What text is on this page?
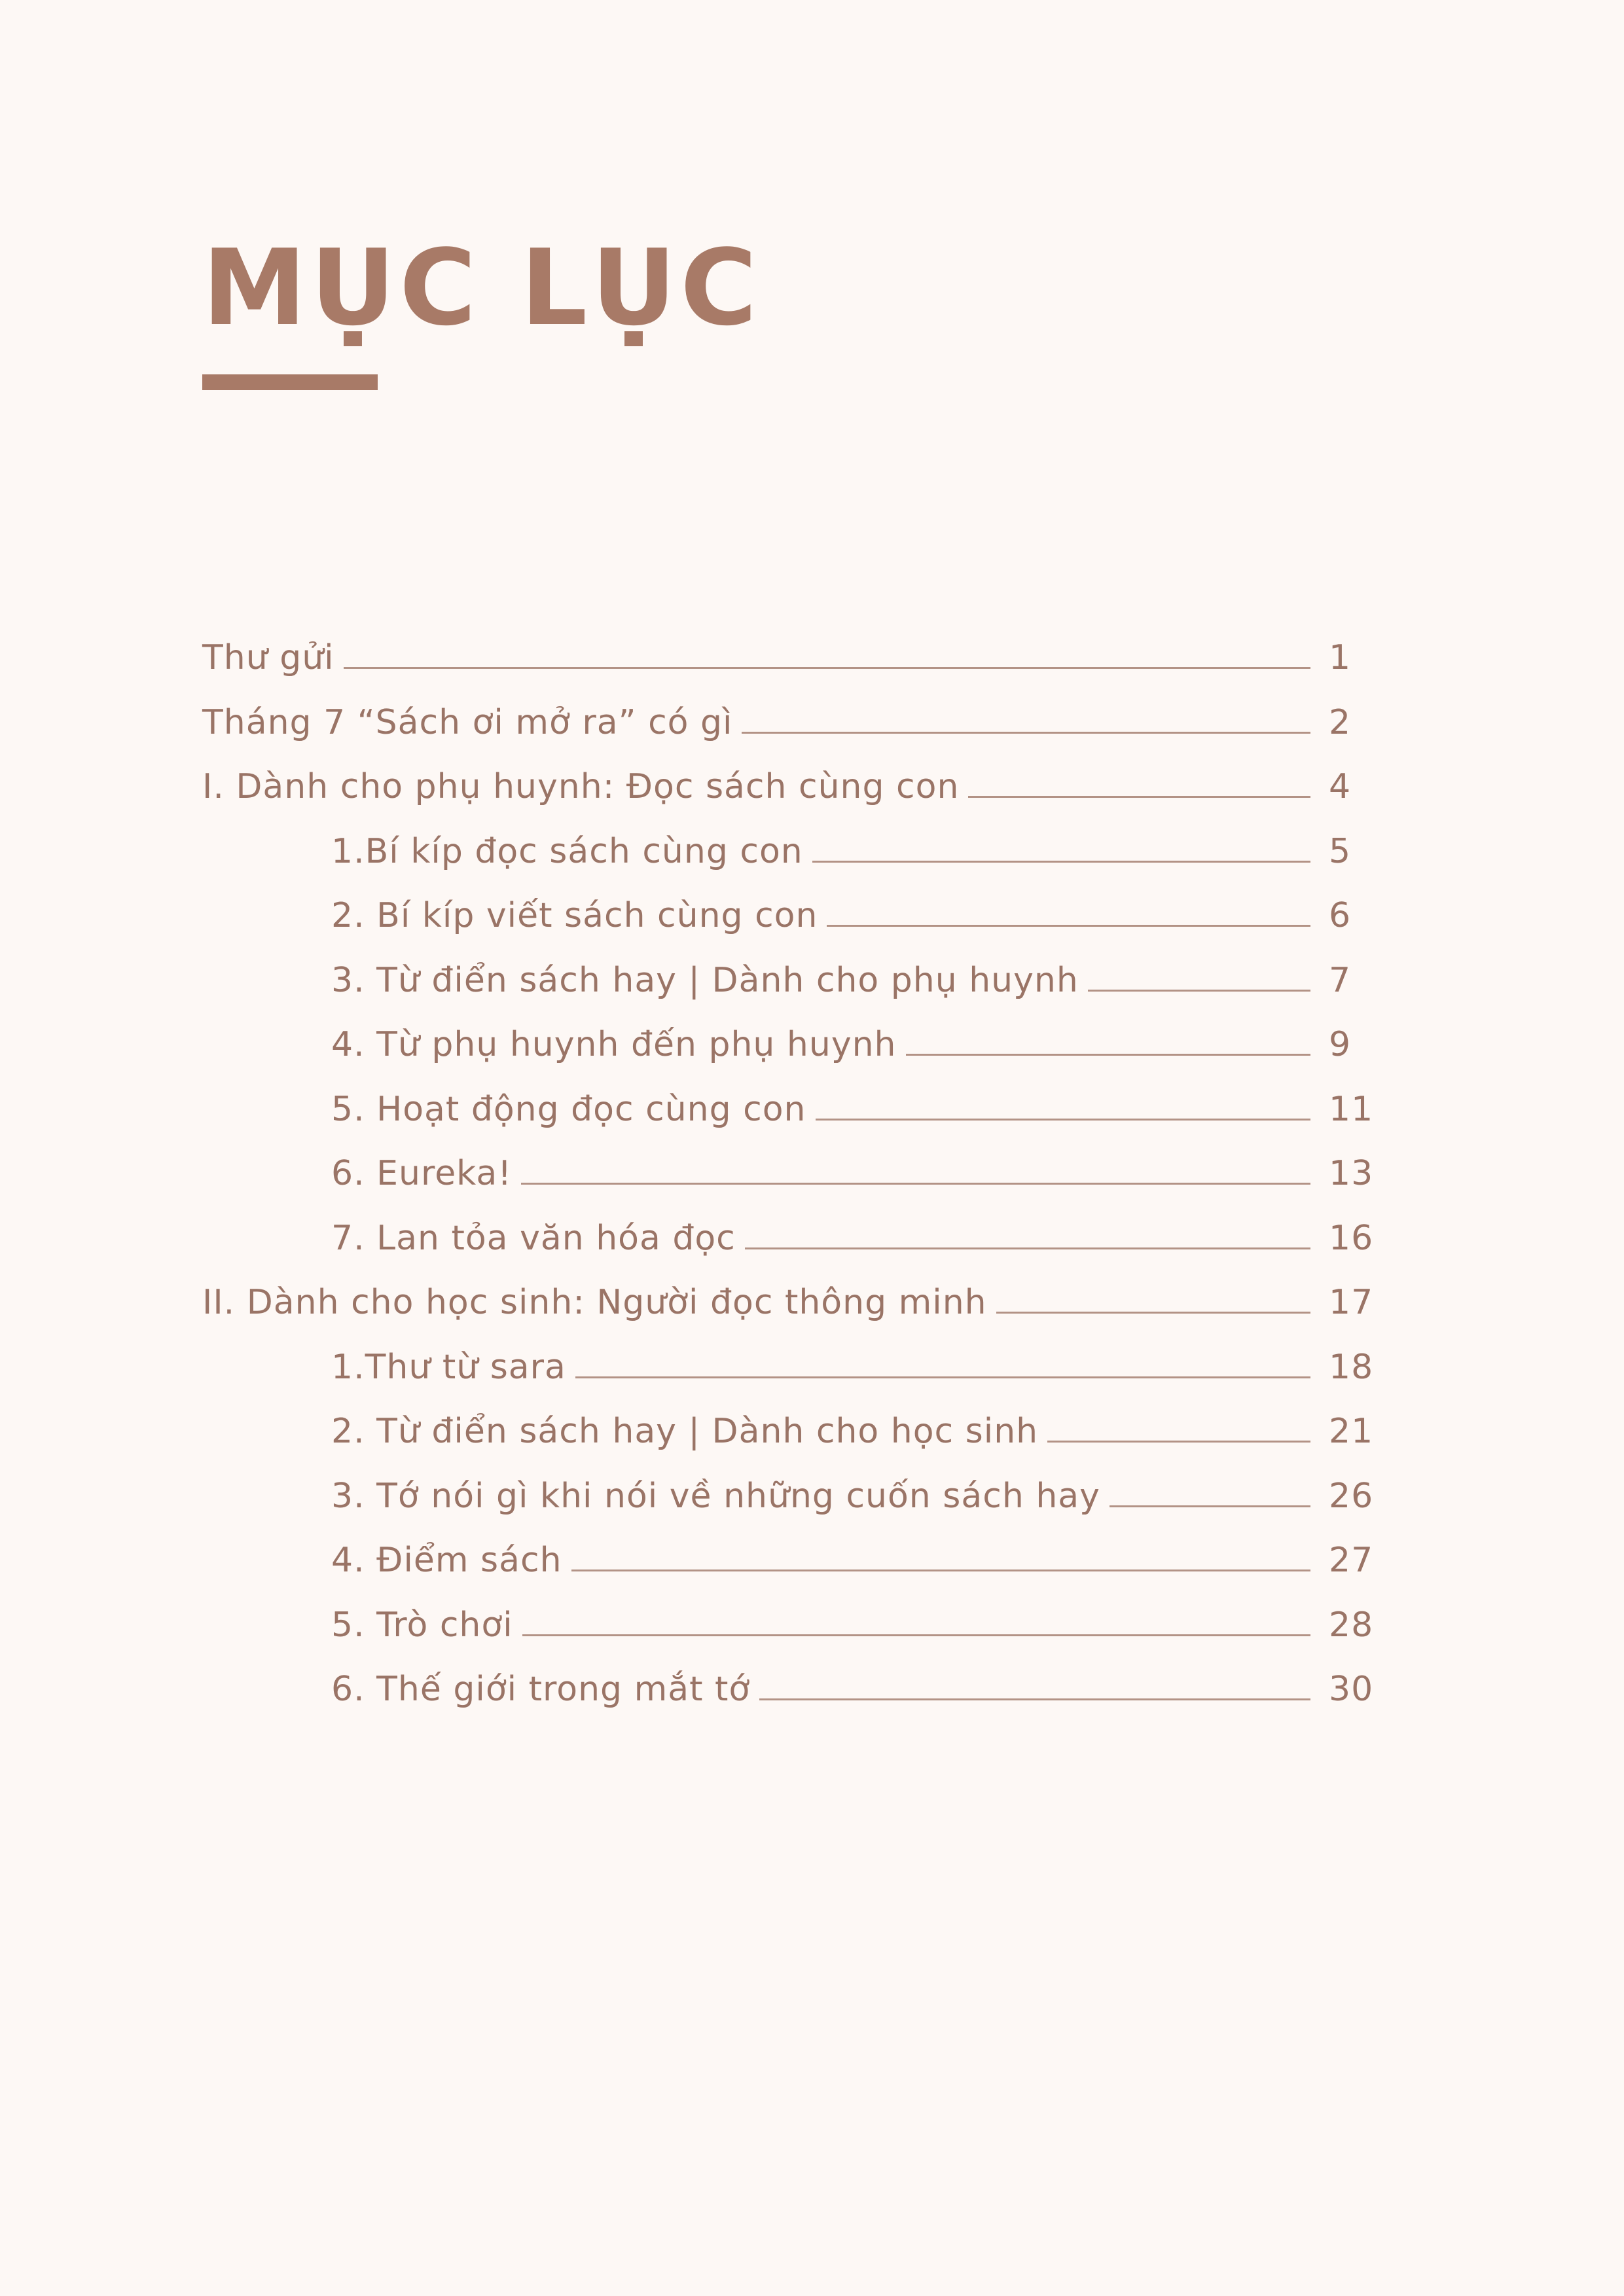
MỤC LỤC
Thư gửi	1
Tháng 7 “Sách ơi mở ra” có gì	2
I. Dành cho phụ huynh: Đọc sách cùng con	4
1.Bí kíp đọc sách cùng con	5
2. Bí kíp viết sách cùng con	6
3. Từ điển sách hay | Dành cho phụ huynh	7
4. Từ phụ huynh đến phụ huynh	9
5. Hoạt động đọc cùng con	11
6. Eureka!	13
7. Lan tỏa văn hóa đọc	16
II. Dành cho học sinh: Người đọc thông minh	17
1.Thư từ sara	18
2. Từ điển sách hay | Dành cho học sinh	21
3. Tớ nói gì khi nói về những cuốn sách hay	26
4. Điểm sách	27
5. Trò chơi	28
6. Thế giới trong mắt tớ	30
